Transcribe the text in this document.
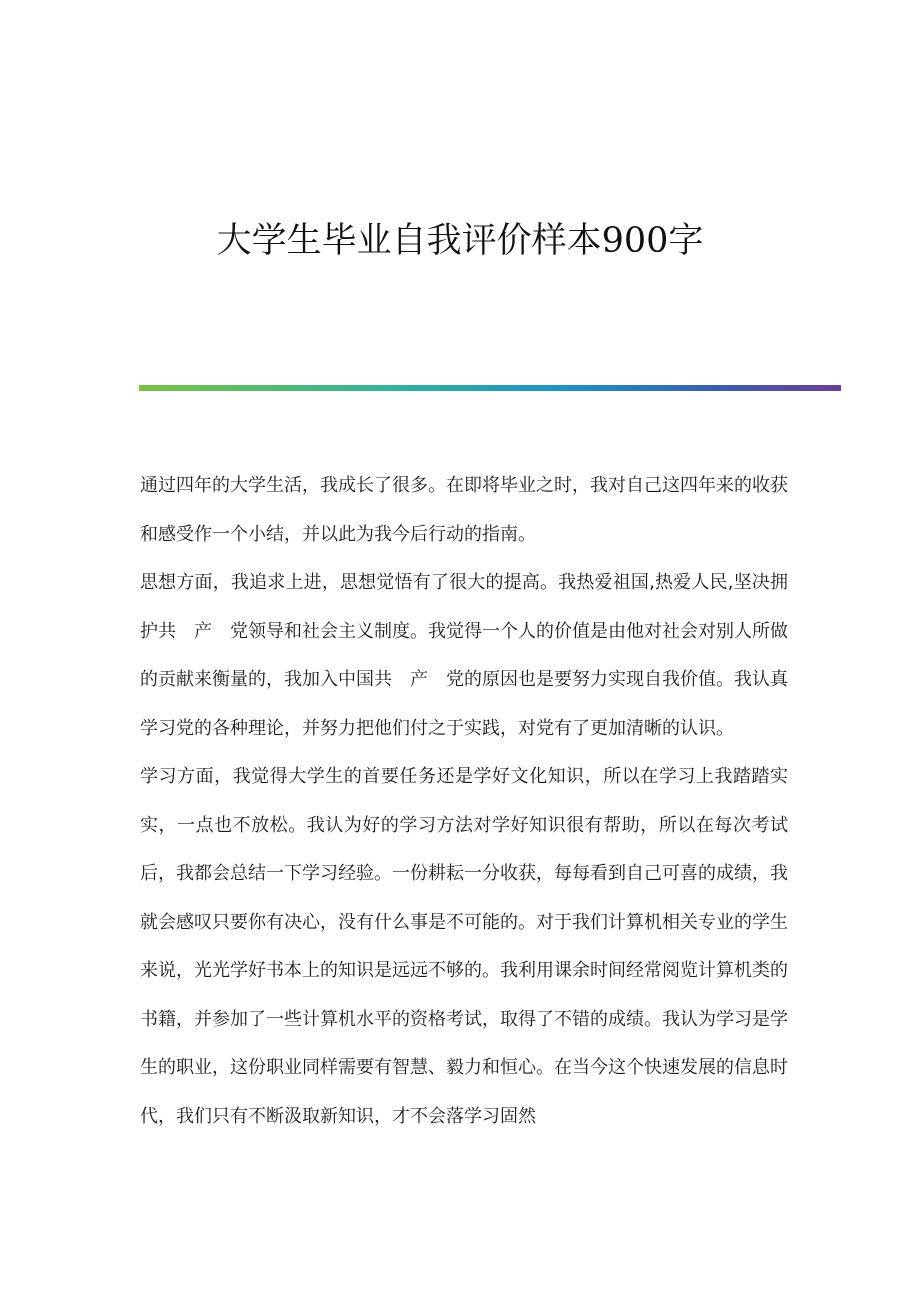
大学生毕业自我评价样本900字

通过四年的大学生活，我成长了很多。在即将毕业之时，我对自己这四年来的收获和感受作一个小结，并以此为我今后行动的指南。

思想方面，我追求上进，思想觉悟有了很大的提高。我热爱祖国,热爱人民,坚决拥护共　产　党领导和社会主义制度。我觉得一个人的价值是由他对社会对别人所做的贡献来衡量的，我加入中国共　产　党的原因也是要努力实现自我价值。我认真学习党的各种理论，并努力把他们付之于实践，对党有了更加清晰的认识。

学习方面，我觉得大学生的首要任务还是学好文化知识，所以在学习上我踏踏实实，一点也不放松。我认为好的学习方法对学好知识很有帮助，所以在每次考试后，我都会总结一下学习经验。一份耕耘一分收获，每每看到自己可喜的成绩，我就会感叹只要你有决心，没有什么事是不可能的。对于我们计算机相关专业的学生来说，光光学好书本上的知识是远远不够的。我利用课余时间经常阅览计算机类的书籍，并参加了一些计算机水平的资格考试，取得了不错的成绩。我认为学习是学生的职业，这份职业同样需要有智慧、毅力和恒心。在当今这个快速发展的信息时代，我们只有不断汲取新知识，才不会落学习固然
